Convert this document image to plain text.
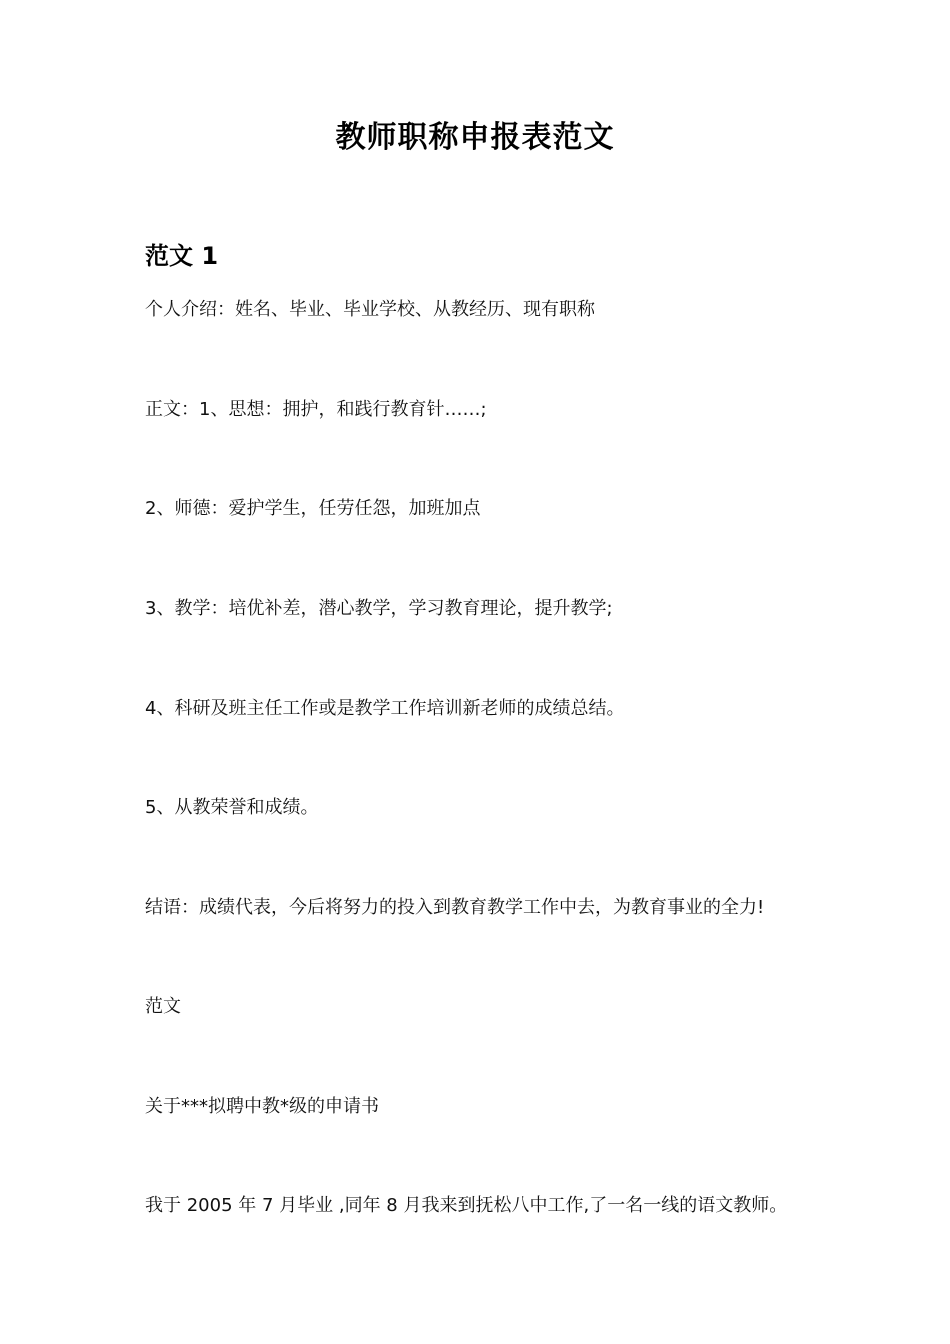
教师职称申报表范文
范文 1
个人介绍：姓名、毕业、毕业学校、从教经历、现有职称
正文：1、思想：拥护，和践行教育针……;
2、师德：爱护学生，任劳任怨，加班加点
3、教学：培优补差，潜心教学，学习教育理论，提升教学;
4、科研及班主任工作或是教学工作培训新老师的成绩总结。
5、从教荣誉和成绩。
结语：成绩代表，今后将努力的投入到教育教学工作中去，为教育事业的全力!
范文
关于***拟聘中教*级的申请书
我于 2005 年 7 月毕业 ,同年 8 月我来到抚松八中工作,了一名一线的语文教师。
